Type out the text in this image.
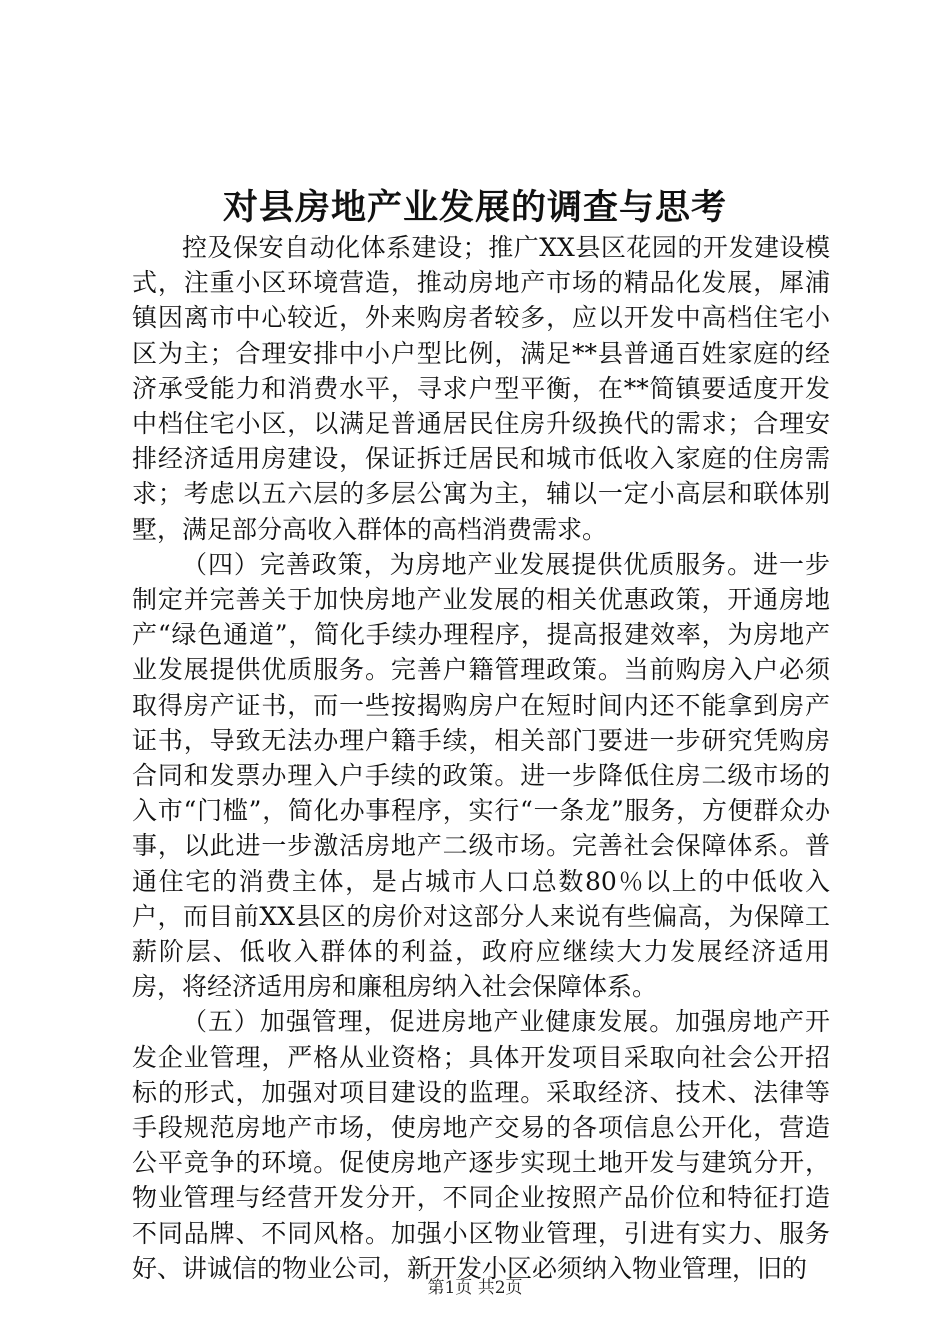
对县房地产业发展的调查与思考

控及保安自动化体系建设；推广XX县区花园的开发建设模式，注重小区环境营造，推动房地产市场的精品化发展，犀浦镇因离市中心较近，外来购房者较多，应以开发中高档住宅小区为主；合理安排中小户型比例，满足**县普通百姓家庭的经济承受能力和消费水平，寻求户型平衡，在**简镇要适度开发中档住宅小区，以满足普通居民住房升级换代的需求；合理安排经济适用房建设，保证拆迁居民和城市低收入家庭的住房需求；考虑以五六层的多层公寓为主，辅以一定小高层和联体别墅，满足部分高收入群体的高档消费需求。

（四）完善政策，为房地产业发展提供优质服务。进一步制定并完善关于加快房地产业发展的相关优惠政策，开通房地产“绿色通道”，简化手续办理程序，提高报建效率，为房地产业发展提供优质服务。完善户籍管理政策。当前购房入户必须取得房产证书，而一些按揭购房户在短时间内还不能拿到房产证书，导致无法办理户籍手续，相关部门要进一步研究凭购房合同和发票办理入户手续的政策。进一步降低住房二级市场的入市“门槛”，简化办事程序，实行“一条龙”服务，方便群众办事，以此进一步激活房地产二级市场。完善社会保障体系。普通住宅的消费主体，是占城市人口总数80％以上的中低收入户，而目前XX县区的房价对这部分人来说有些偏高，为保障工薪阶层、低收入群体的利益，政府应继续大力发展经济适用房，将经济适用房和廉租房纳入社会保障体系。

（五）加强管理，促进房地产业健康发展。加强房地产开发企业管理，严格从业资格；具体开发项目采取向社会公开招标的形式，加强对项目建设的监理。采取经济、技术、法律等手段规范房地产市场，使房地产交易的各项信息公开化，营造公平竞争的环境。促使房地产逐步实现土地开发与建筑分开，物业管理与经营开发分开，不同企业按照产品价位和特征打造不同品牌、不同风格。加强小区物业管理，引进有实力、服务好、讲诚信的物业公司，新开发小区必须纳入物业管理，旧的

第1页 共2页
